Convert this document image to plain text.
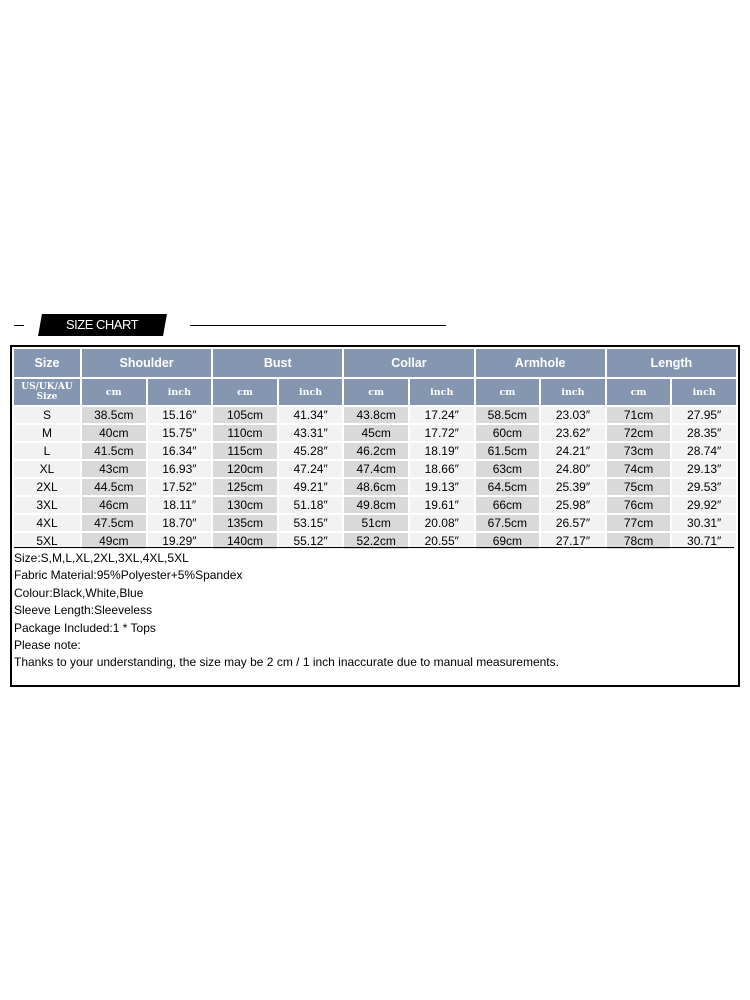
SIZE CHART
Size	Shoulder		Bust		Collar		Armhole		Length	
US/UK/AU
Size	cm	inch	cm	inch	cm	inch	cm	inch	cm	inch
S	38.5cm	15.16″	105cm	41.34″	43.8cm	17.24″	58.5cm	23.03″	71cm	27.95″
M	40cm	15.75″	110cm	43.31″	45cm	17.72″	60cm	23.62″	72cm	28.35″
L	41.5cm	16.34″	115cm	45.28″	46.2cm	18.19″	61.5cm	24.21″	73cm	28.74″
XL	43cm	16.93″	120cm	47.24″	47.4cm	18.66″	63cm	24.80″	74cm	29.13″
2XL	44.5cm	17.52″	125cm	49.21″	48.6cm	19.13″	64.5cm	25.39″	75cm	29.53″
3XL	46cm	18.11″	130cm	51.18″	49.8cm	19.61″	66cm	25.98″	76cm	29.92″
4XL	47.5cm	18.70″	135cm	53.15″	51cm	20.08″	67.5cm	26.57″	77cm	30.31″
5XL	49cm	19.29″	140cm	55.12″	52.2cm	20.55″	69cm	27.17″	78cm	30.71″
Size:S,M,L,XL,2XL,3XL,4XL,5XL
Fabric Material:95%Polyester+5%Spandex
Colour:Black,White,Blue
Sleeve Length:Sleeveless
Package Included:1 * Tops
Please note:
Thanks to your understanding, the size may be 2 cm / 1 inch inaccurate due to manual measurements.
